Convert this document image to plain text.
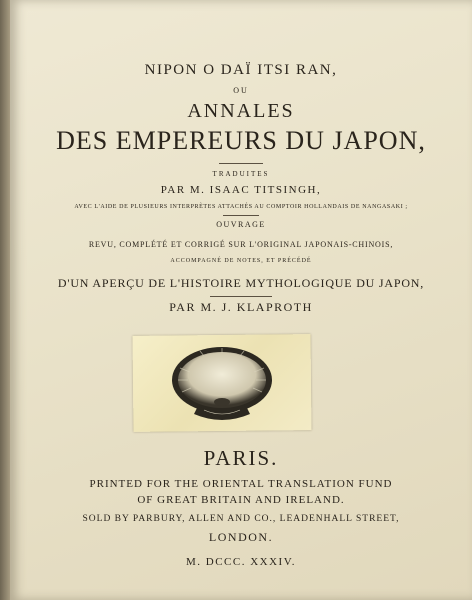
NIPON O DAÏ ITSI RAN,
OU
ANNALES
DES EMPEREURS DU JAPON,
TRADUITES
PAR M. ISAAC TITSINGH,
AVEC L'AIDE DE PLUSIEURS INTERPRÈTES ATTACHÉS AU COMPTOIR HOLLANDAIS DE NANGASAKI ;
OUVRAGE
REVU, COMPLÉTÉ ET CORRIGÉ SUR L'ORIGINAL JAPONAIS-CHINOIS,
ACCOMPAGNÉ DE NOTES, ET PRÉCÉDÉ
D'UN APERÇU DE L'HISTOIRE MYTHOLOGIQUE DU JAPON,
PAR M. J. KLAPROTH
PARIS.
PRINTED FOR THE ORIENTAL TRANSLATION FUND
OF GREAT BRITAIN AND IRELAND.
SOLD BY PARBURY, ALLEN AND CO., LEADENHALL STREET,
LONDON.
M. DCCC. XXXIV.
